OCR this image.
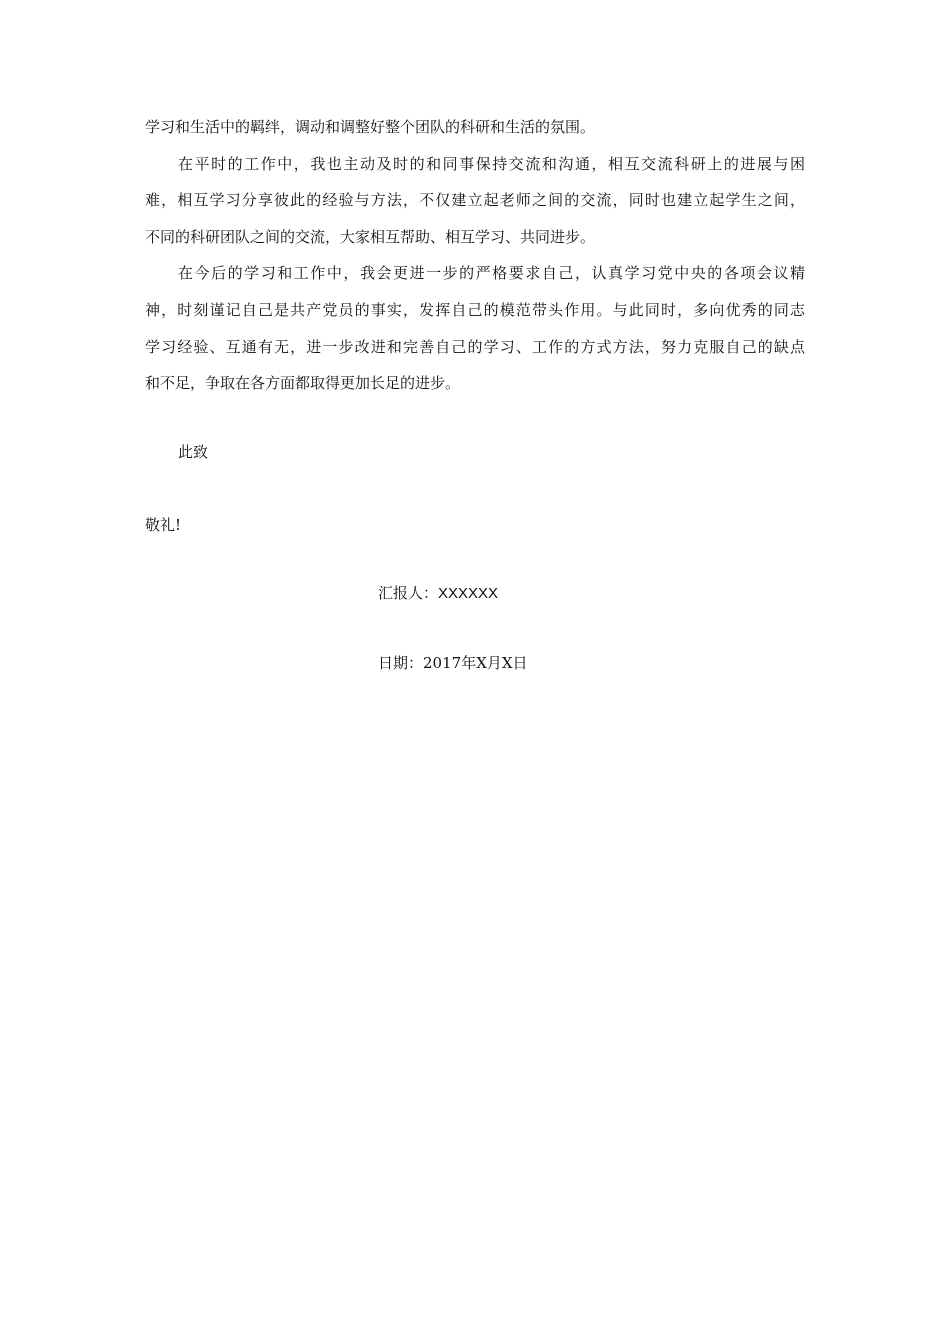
学习和生活中的羁绊，调动和调整好整个团队的科研和生活的氛围。
在平时的工作中，我也主动及时的和同事保持交流和沟通，相互交流科研上的进展与困
难，相互学习分享彼此的经验与方法，不仅建立起老师之间的交流，同时也建立起学生之间，
不同的科研团队之间的交流，大家相互帮助、相互学习、共同进步。
在今后的学习和工作中，我会更进一步的严格要求自己，认真学习党中央的各项会议精
神，时刻谨记自己是共产党员的事实，发挥自己的模范带头作用。与此同时，多向优秀的同志
学习经验、互通有无，进一步改进和完善自己的学习、工作的方式方法，努力克服自己的缺点
和不足，争取在各方面都取得更加长足的进步。
此致
敬礼!
汇报人：XXXXXX
日期：2017年X月X日
